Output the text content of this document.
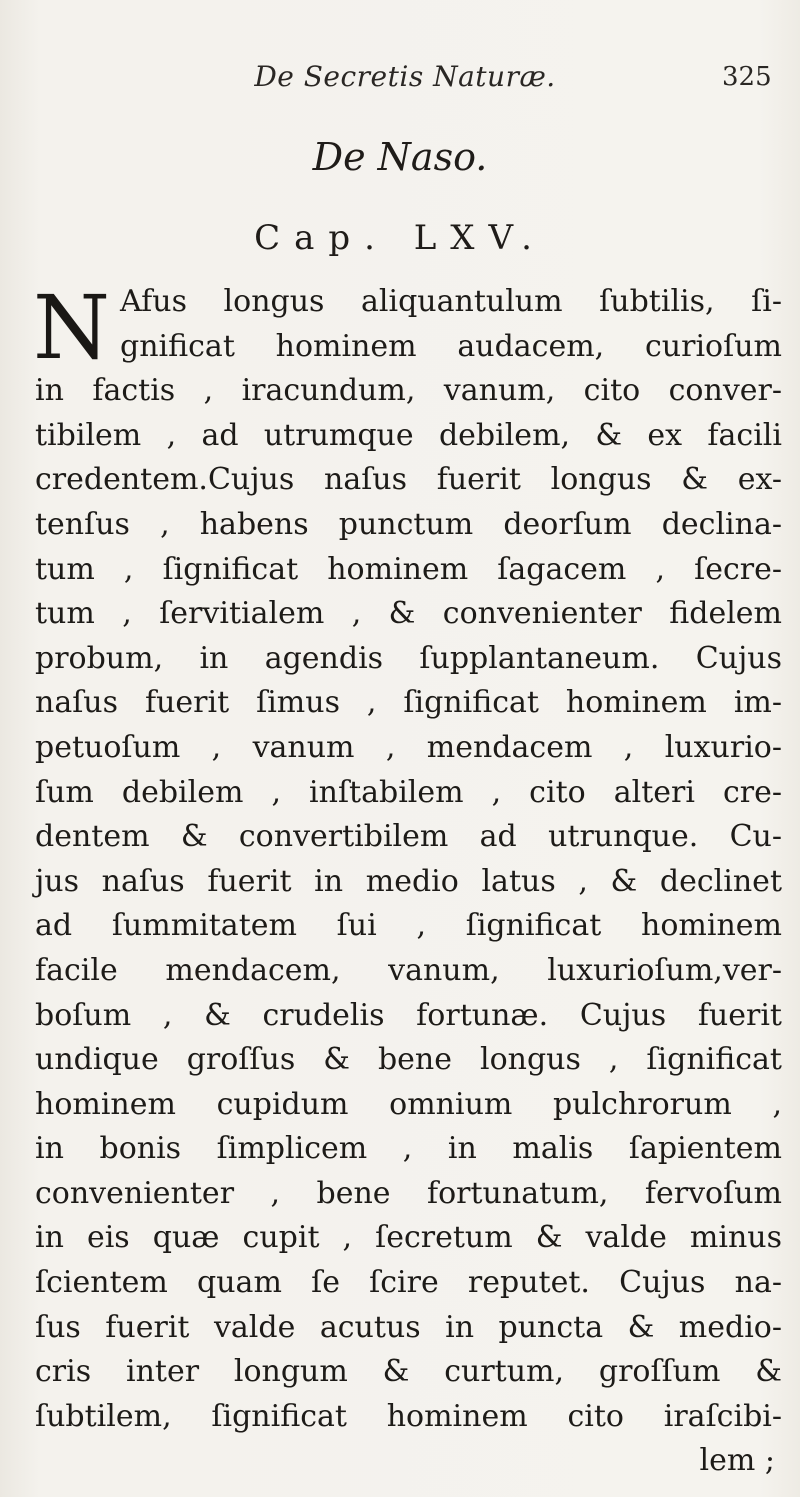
De Secretis Naturæ.	325
De Naso.
Cap. LXV.
N Afus longus aliquantulum ſubtilis, ſi-
gnificat hominem audacem, curioſum
in factis , iracundum, vanum, cito conver-
tibilem , ad utrumque debilem, & ex facili
credentem.Cujus naſus fuerit longus & ex-
tenſus , habens punctum deorſum declina-
tum , ſignificat hominem ſagacem , ſecre-
tum , ſervitialem , & convenienter fidelem
probum, in agendis ſupplantaneum. Cujus
naſus fuerit ſimus , ſignificat hominem im-
petuoſum , vanum , mendacem , luxurio-
ſum debilem , inſtabilem , cito alteri cre-
dentem & convertibilem ad utrunque. Cu-
jus naſus fuerit in medio latus , & declinet
ad ſummitatem ſui , ſignificat hominem
facile mendacem, vanum, luxurioſum,ver-
boſum , & crudelis fortunæ. Cujus fuerit
undique groſſus & bene longus , ſignificat
hominem cupidum omnium pulchrorum ,
in bonis ſimplicem , in malis ſapientem
convenienter , bene fortunatum, fervoſum
in eis quæ cupit , ſecretum & valde minus
ſcientem quam ſe ſcire reputet. Cujus na-
ſus fuerit valde acutus in puncta & medio-
cris inter longum & curtum, groſſum &
ſubtilem, ſignificat hominem cito iraſcibi-
lem ;
